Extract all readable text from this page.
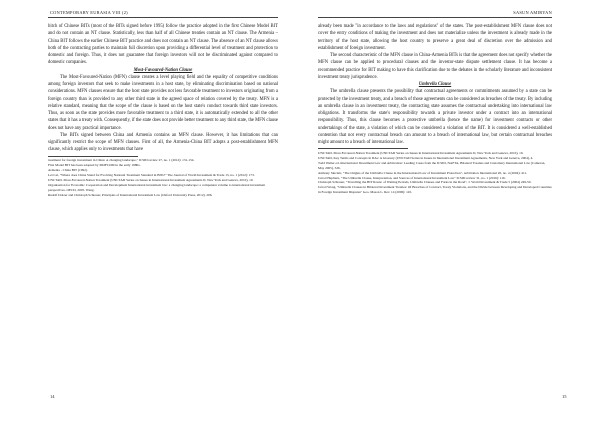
CONTEMPORARY EURASIA VIII (2)

bitch of Chinese BITs (most of the BITs signed before 1995) follow the practice adopted in the first Chinese Model BIT and do not contain an NT clause. Statistically, less than half of all Chinese treaties contain an NT clause. The Armenia – China BIT follows the earlier Chinese BIT practice and does not contain an NT clause. The absence of an NT clause allows both of the contracting parties to maintain full discretion upon providing a differential level of treatment and protection to domestic and foreign. Thus, it does not guarantee that foreign investors will not be discriminated against compared to domestic companies.

Most-Favoured-Nation Clause

The Most-Favoured-Nation (MFN) clause creates a level playing field and the equality of competitive conditions among foreign investors that seek to make investments in a host state, by eliminating discrimination based on national considerations. MFN clauses ensure that the host state provides not less favorable treatment to investors originating from a foreign country than is provided to any other third state in the agreed space of relation covered by the treaty. MFN is a relative standard, meaning that the scope of the clause is based on the host state's conduct towards third state investors. Thus, as soon as the state provides more favorable treatment to a third state, it is automatically extended to all the other states that it has a treaty with. Consequently, if the state does not provide better treatment to any third state, the MFN clause does not have any practical importance.

The BITs signed between China and Armenia contains an MFN clause. However, it has limitations that can significantly restrict the scope of MFN clauses. First of all, the Armenia-China BIT adopts a post-establishment MFN clause, which applies only to investments that have

treatment for foreign investment in China: A changing landscape," ICSID review 27, no. 1 (2012): 131-154.

First Model BIT has been adopted by MOFCOM in the early 1980s.

Armenia - China BIT (1992).

Lei Cai, "Where does China Stand for Evolving National Treatment Standard in BITs?" The Journal of World Investment & Trade 13, no. 1 (2012): 173.

UNCTAD. Most-Favoured-Nation Treatment (UNCTAD Series on Issues in International Investment Agreements II, New York and Geneva, 2010), 10.

Organisation for Economic Cooperation and Development International investment law: a changing landscape: a companion volume to international investment perspectives. OECD, 2005. Wang.

Rudolf Dolzer and Christoph Schreuer, Principles of International Investment Law (Oxford University Press, 2012), 206.

14
SASUN AMIRYAN

already been made "in accordance to the laws and regulations" of the states. The post-establishment MFN clause does not cover the entry conditions of making the investment and does not materialize unless the investment is already made in the territory of the host state, allowing the host country to preserve a great deal of discretion over the admission and establishment of foreign investment.

The second characteristic of the MFN clause in China-Armenia BITs is that the agreement does not specify whether the MFN clause can be applied to procedural clauses and the investor-state dispute settlement clause. It has become a recommended practice for BIT making to have this clarification due to the debates in the scholarly literature and inconsistent investment treaty jurisprudence.

Umbrella Clause

The umbrella clause presents the possibility that contractual agreements or commitments assumed by a state can be protected by the investment treaty, and a breach of those agreements can be considered as breaches of the treaty. By including an umbrella clause in an investment treaty, the contracting state assumes the contractual undertaking into international law obligations. It transforms the state's responsibility towards a private investor under a contract into an international responsibility. Thus, this clause becomes a protective umbrella (hence the name) for investment contracts or other undertakings of the state, a violation of which can be considered a violation of the BIT. It is considered a well-established contention that not every contractual breach can amount to a breach of international law, but certain contractual breaches might amount to a breach of international law.

UNCTAD. Most-Favoured-Nation Treatment (UNCTAD Series on Issues in International Investment Agreements II, New York and Geneva, 2010), 10.

UNCTAD, Key Terms and Concepts in IIAs: A Glossary (UNCTAD Series in Issues in International Investment Agreements, New York and Geneva, 2004), 4.

Todd Weiler ed. International Investment Law and Arbitration: Leading Cases from the ICSID, NAFTA, Bilateral Treaties and Customary International Law (Cameron, May 2005), 326.

Anthony Sinclair, "The Origins of the Umbrella Clause in the International Law of Investment Protection", Arbitration International 20, no. 4 (2004): 411.

Jarrod Hepburn, "The Umbrella Clause, Interpretation, and Sources of International Investment Law" ICSID review 31, no. 1 (2016): 116.

Christoph Schreuer, "Travelling the BIT Route: of Waiting Periods, Umbrella Clauses and Forks in the Road", J. World Investment & Trade 5 (2004) 249-50.

Jarrod Wong, "Umbrella Clauses in Bilateral Investment Treaties: Of Breaches of Contract, Treaty Violations, and the Divide between Developing and Developed Countries in Foreign Investment Disputes" Geo. Mason L. Rev. 14 (2006): 145.

15
